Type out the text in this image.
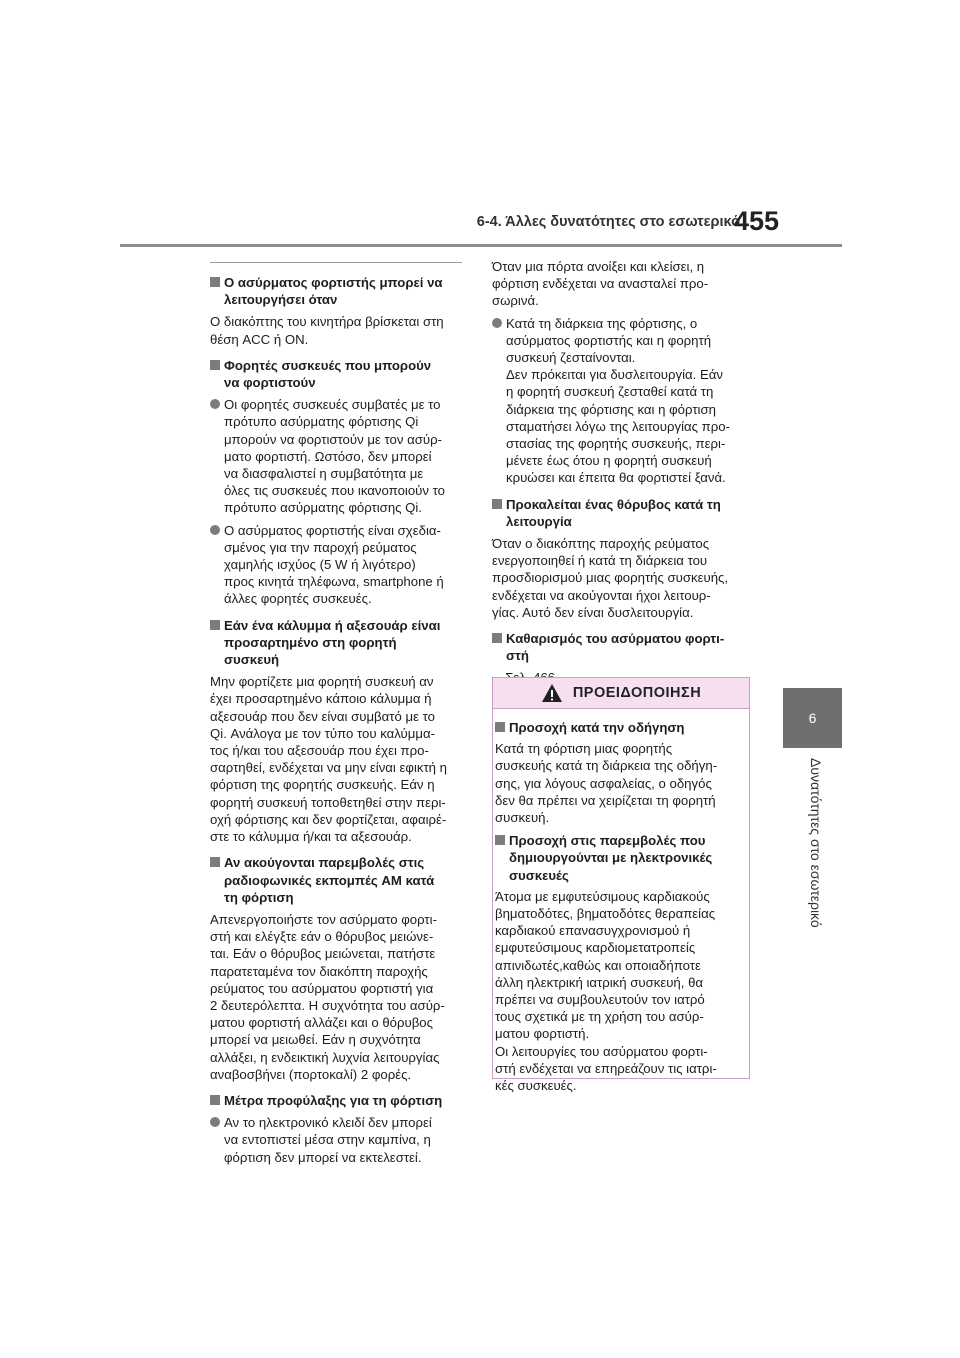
6-4. Άλλες δυνατότητες στο εσωτερικό
455
6
Δυνατότητες στο εσωτερικό
Ο ασύρματος φορτιστής μπορεί να
λειτουργήσει όταν
Ο διακόπτης του κινητήρα βρίσκεται στη
θέση ACC ή ON.
Φορητές συσκευές που μπορούν
να φορτιστούν
Οι φορητές συσκευές συμβατές με το
πρότυπο ασύρματης φόρτισης Qi
μπορούν να φορτιστούν με τον ασύρ-
ματο φορτιστή. Ωστόσο, δεν μπορεί
να διασφαλιστεί η συμβατότητα με
όλες τις συσκευές που ικανοποιούν το
πρότυπο ασύρματης φόρτισης Qi.
Ο ασύρματος φορτιστής είναι σχεδια-
σμένος για την παροχή ρεύματος
χαμηλής ισχύος (5 W ή λιγότερο)
προς κινητά τηλέφωνα, smartphone ή
άλλες φορητές συσκευές.
Εάν ένα κάλυμμα ή αξεσουάρ είναι
προσαρτημένο στη φορητή
συσκευή
Μην φορτίζετε μια φορητή συσκευή αν
έχει προσαρτημένο κάποιο κάλυμμα ή
αξεσουάρ που δεν είναι συμβατό με το
Qi. Ανάλογα με τον τύπο του καλύμμα-
τος ή/και του αξεσουάρ που έχει προ-
σαρτηθεί, ενδέχεται να μην είναι εφικτή η
φόρτιση της φορητής συσκευής. Εάν η
φορητή συσκευή τοποθετηθεί στην περι-
οχή φόρτισης και δεν φορτίζεται, αφαιρέ-
στε το κάλυμμα ή/και τα αξεσουάρ.
Αν ακούγονται παρεμβολές στις
ραδιοφωνικές εκπομπές AM κατά
τη φόρτιση
Απενεργοποιήστε τον ασύρματο φορτι-
στή και ελέγξτε εάν ο θόρυβος μειώνε-
ται. Εάν ο θόρυβος μειώνεται, πατήστε
παρατεταμένα τον διακόπτη παροχής
ρεύματος του ασύρματου φορτιστή για
2 δευτερόλεπτα. Η συχνότητα του ασύρ-
ματου φορτιστή αλλάζει και ο θόρυβος
μπορεί να μειωθεί. Εάν η συχνότητα
αλλάξει, η ενδεικτική λυχνία λειτουργίας
αναβοσβήνει (πορτοκαλί) 2 φορές.
Μέτρα προφύλαξης για τη φόρτιση
Αν το ηλεκτρονικό κλειδί δεν μπορεί
να εντοπιστεί μέσα στην καμπίνα, η
φόρτιση δεν μπορεί να εκτελεστεί.
Όταν μια πόρτα ανοίξει και κλείσει, η
φόρτιση ενδέχεται να ανασταλεί προ-
σωρινά.
Κατά τη διάρκεια της φόρτισης, ο
ασύρματος φορτιστής και η φορητή
συσκευή ζεσταίνονται.
Δεν πρόκειται για δυσλειτουργία. Εάν
η φορητή συσκευή ζεσταθεί κατά τη
διάρκεια της φόρτισης και η φόρτιση
σταματήσει λόγω της λειτουργίας προ-
στασίας της φορητής συσκευής, περι-
μένετε έως ότου η φορητή συσκευή
κρυώσει και έπειτα θα φορτιστεί ξανά.
Προκαλείται ένας θόρυβος κατά τη
λειτουργία
Όταν ο διακόπτης παροχής ρεύματος
ενεργοποιηθεί ή κατά τη διάρκεια του
προσδιορισμού μιας φορητής συσκευής,
ενδέχεται να ακούγονται ήχοι λειτουρ-
γίας. Αυτό δεν είναι δυσλειτουργία.
Καθαρισμός του ασύρματου φορτι-
στή
ΠΡΟΕΙΔΟΠΟΙΗΣΗ
Προσοχή κατά την οδήγηση
Κατά τη φόρτιση μιας φορητής
συσκευής κατά τη διάρκεια της οδήγη-
σης, για λόγους ασφαλείας, ο οδηγός
δεν θα πρέπει να χειρίζεται τη φορητή
συσκευή.
Προσοχή στις παρεμβολές που
δημιουργούνται με ηλεκτρονικές
συσκευές
Άτομα με εμφυτεύσιμους καρδιακούς
βηματοδότες, βηματοδότες θεραπείας
καρδιακού επανασυγχρονισμού ή
εμφυτεύσιμους καρδιομετατροπείς
απινιδωτές,καθώς και οποιαδήποτε
άλλη ηλεκτρική ιατρική συσκευή, θα
πρέπει να συμβουλευτούν τον ιατρό
τους σχετικά με τη χρήση του ασύρ-
ματου φορτιστή.
Οι λειτουργίες του ασύρματου φορτι-
στή ενδέχεται να επηρεάζουν τις ιατρι-
κές συσκευές.
